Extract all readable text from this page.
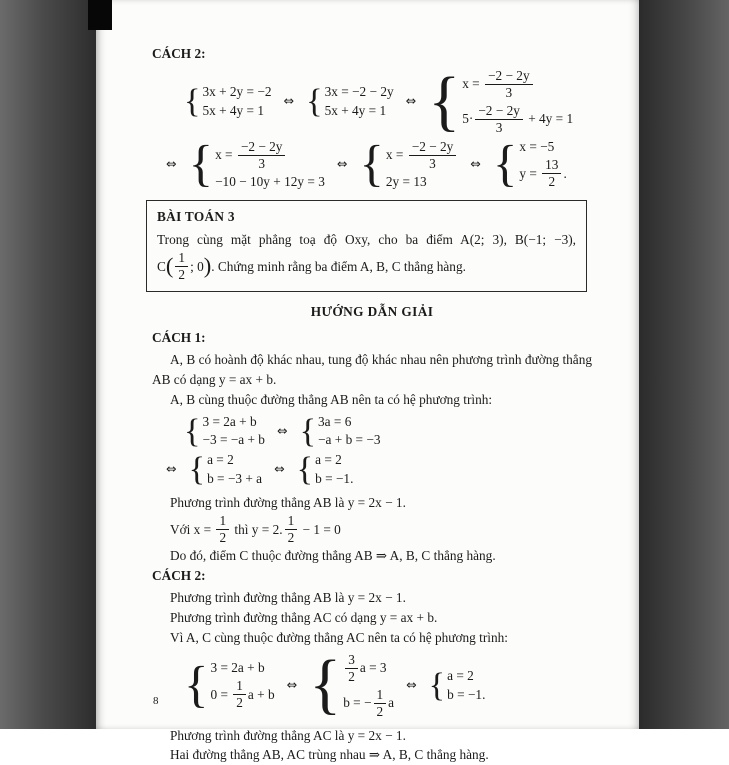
CÁCH 2:
{ 3x + 2y = −2
5x + 4y = 1
⇔ { 3x = −2 − 2y
5x + 4y = 1
⇔ { $x = \frac{-2 - 2y}{3}$
$5\cdot \frac{-2 - 2y}{3} + 4y = 1$
⇔ { $x = \frac{-2 - 2y}{3}$
−10 − 10y + 12y = 3
⇔ { $x = \frac{-2 - 2y}{3}$
2y = 13
⇔ { x = −5
$y = \frac{13}{2}$ .
BÀI TOÁN 3
Trong cùng mặt phẳng toạ độ Oxy, cho ba điểm A(2; 3), B(−1; −3),
C ( $\frac{1}{2}$ ; 0 ) . Chứng minh rằng ba điểm A, B, C thẳng hàng.
HƯỚNG DẪN GIẢI
CÁCH 1:

A, B có hoành độ khác nhau, tung độ khác nhau nên phương trình đường thẳng AB có dạng y = ax + b.

A, B cùng thuộc đường thẳng AB nên ta có hệ phương trình:

{ 3 = 2a + b
−3 = −a + b
⇔ { 3a = 6
−a + b = −3
⇔ { a = 2
b = −3 + a
⇔ { a = 2
b = −1.

Phương trình đường thẳng AB là y = 2x − 1.

Với $x = \frac{1}{2}$ thì y = 2. $\frac{1}{2} - 1 = 0$

Do đó, điểm C thuộc đường thẳng AB ⇒ A, B, C thẳng hàng.

CÁCH 2:

Phương trình đường thẳng AB là y = 2x − 1.

Phương trình đường thẳng AC có dạng y = ax + b.

Vì A, C cùng thuộc đường thẳng AC nên ta có hệ phương trình:

{ 3 = 2a + b
$0 = \frac{1}{2}$ a + b
⇔ { $\frac{3}{2}$ a = 3
b = − $\frac{1}{2}$ a
⇔ { a = 2
b = −1.

Phương trình đường thẳng AC là y = 2x − 1.

Hai đường thẳng AB, AC trùng nhau ⇒ A, B, C thẳng hàng.

8
